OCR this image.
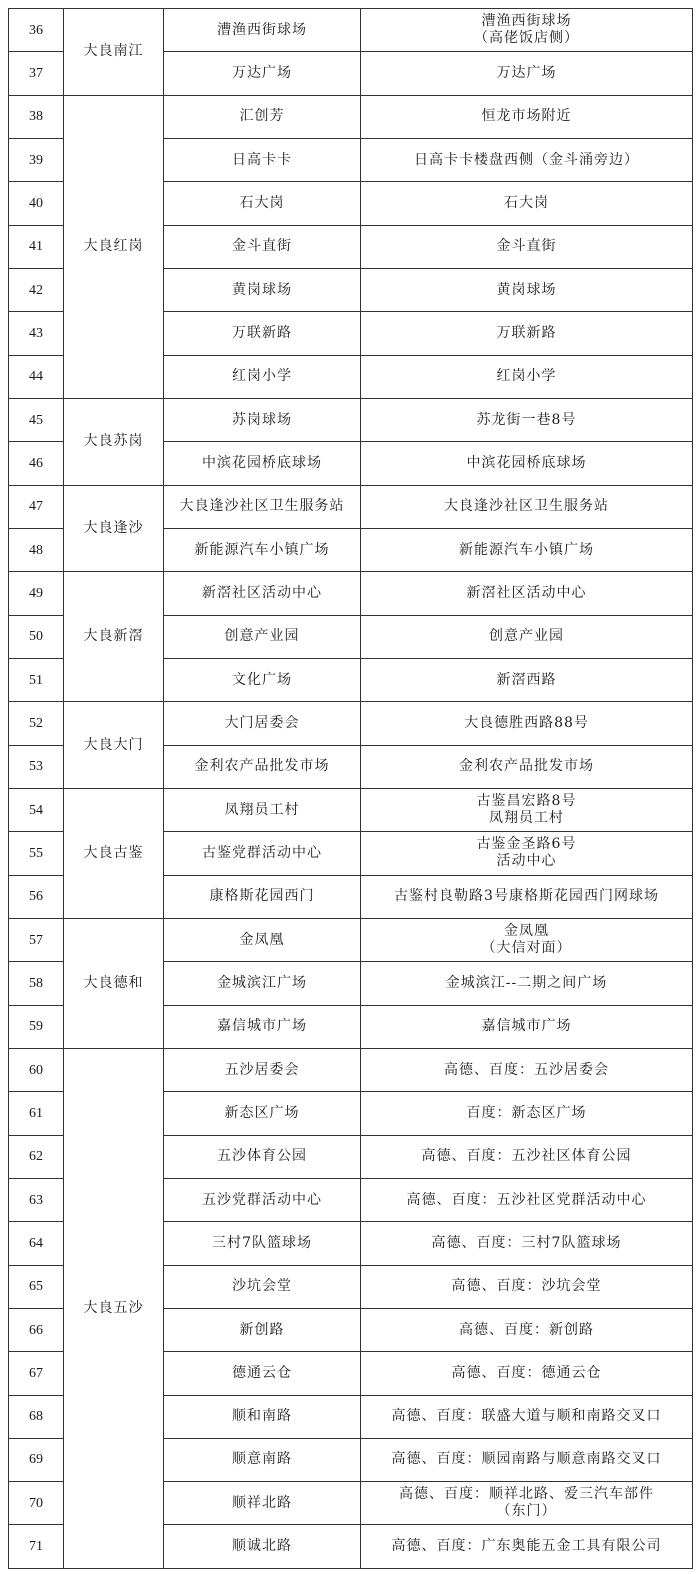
36	大良南江	漕渔西街球场	漕渔西街球场
（高佬饭店侧）

37		万达广场	万达广场

38	大良红岗	汇创芳	恒龙市场附近

39		日高卡卡	日高卡卡楼盘西侧（金斗涌旁边）

40		石大岗	石大岗

41		金斗直街	金斗直街

42		黄岗球场	黄岗球场

43		万联新路	万联新路

44		红岗小学	红岗小学

45	大良苏岗	苏岗球场	苏龙街一巷8号

46		中滨花园桥底球场	中滨花园桥底球场

47	大良逢沙	大良逢沙社区卫生服务站	大良逢沙社区卫生服务站

48		新能源汽车小镇广场	新能源汽车小镇广场

49	大良新滘	新滘社区活动中心	新滘社区活动中心

50		创意产业园	创意产业园

51		文化广场	新滘西路

52	大良大门	大门居委会	大良德胜西路88号

53		金利农产品批发市场	金利农产品批发市场

54	大良古鉴	凤翔员工村	古鉴昌宏路8号
凤翔员工村

55		古鉴党群活动中心	古鉴金圣路6号
活动中心

56		康格斯花园西门	古鉴村良勒路3号康格斯花园西门网球场

57	大良德和	金凤凰	金凤凰
（大信对面）

58		金城滨江广场	金城滨江--二期之间广场

59		嘉信城市广场	嘉信城市广场

60	大良五沙	五沙居委会	高德、百度：五沙居委会

61		新态区广场	百度：新态区广场

62		五沙体育公园	高德、百度：五沙社区体育公园

63		五沙党群活动中心	高德、百度：五沙社区党群活动中心

64		三村7队篮球场	高德、百度：三村7队篮球场

65		沙坑会堂	高德、百度：沙坑会堂

66		新创路	高德、百度：新创路

67		德通云仓	高德、百度：德通云仓

68		顺和南路	高德、百度：联盛大道与顺和南路交叉口

69		顺意南路	高德、百度：顺园南路与顺意南路交叉口

70		顺祥北路	高德、百度：顺祥北路、爱三汽车部件
（东门）

71		顺诚北路	高德、百度：广东奥能五金工具有限公司
